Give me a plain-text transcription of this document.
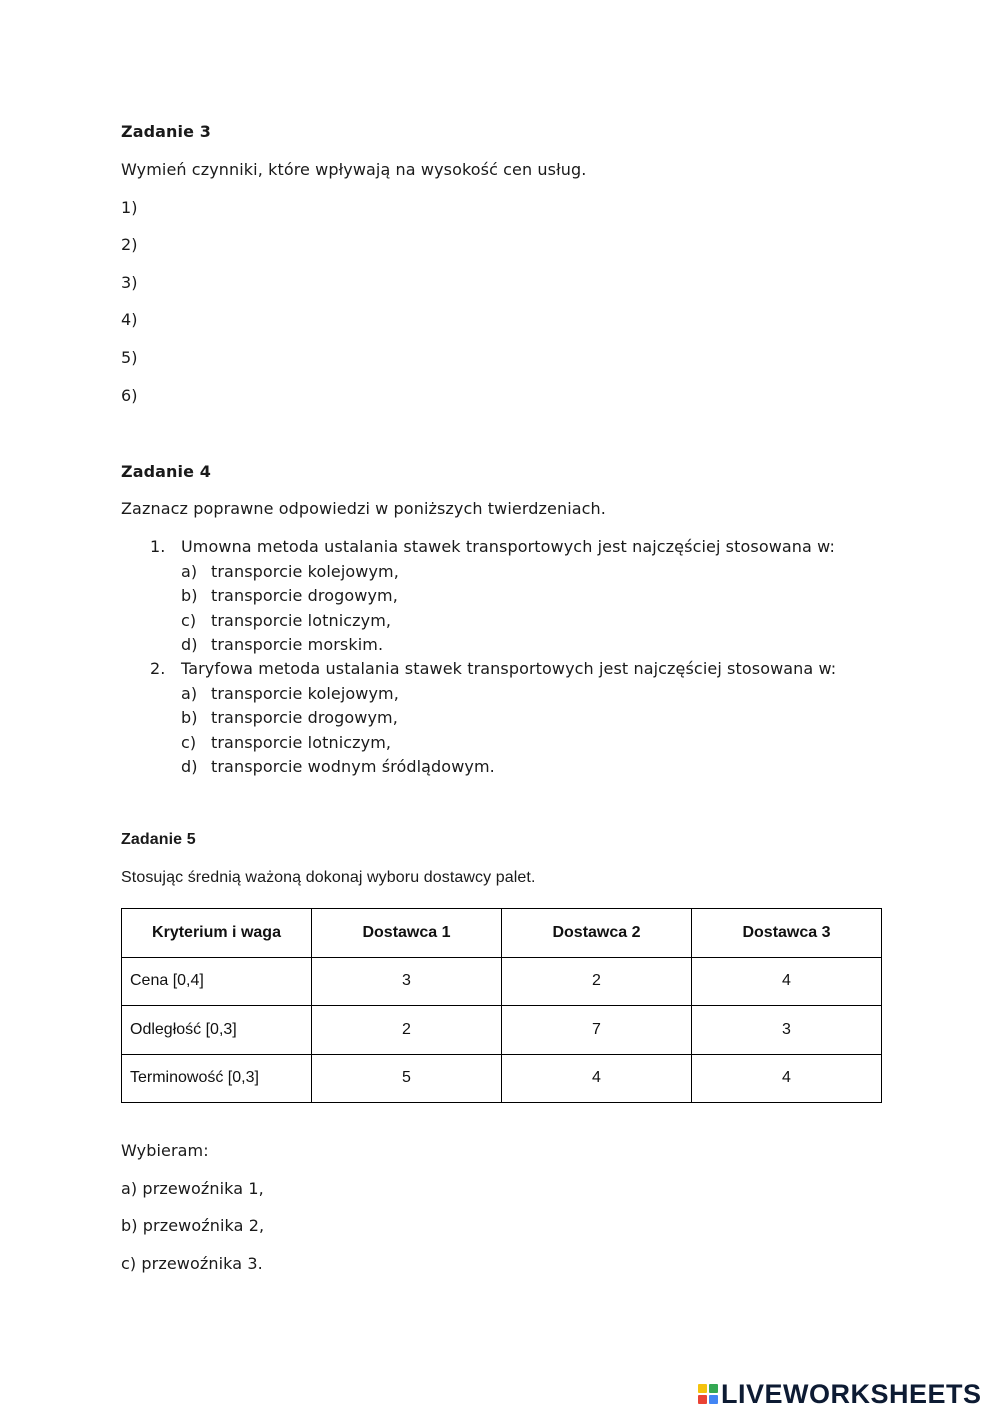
Zadanie 3
Wymień czynniki, które wpływają na wysokość cen usług.
1)
2)
3)
4)
5)
6)
Zadanie 4
Zaznacz poprawne odpowiedzi w poniższych twierdzeniach.
1. Umowna metoda ustalania stawek transportowych jest najczęściej stosowana w:
a) transporcie kolejowym,
b) transporcie drogowym,
c) transporcie lotniczym,
d) transporcie morskim.
2. Taryfowa metoda ustalania stawek transportowych jest najczęściej stosowana w:
a) transporcie kolejowym,
b) transporcie drogowym,
c) transporcie lotniczym,
d) transporcie wodnym śródlądowym.
Zadanie 5
Stosując średnią ważoną dokonaj wyboru dostawcy palet.
Kryterium i waga	Dostawca 1	Dostawca 2	Dostawca 3
Cena [0,4]	3	2	4
Odległość [0,3]	2	7	3
Terminowość [0,3]	5	4	4
Wybieram:
a) przewoźnika 1,
b) przewoźnika 2,
c) przewoźnika 3.
LIVEWORKSHEETS
